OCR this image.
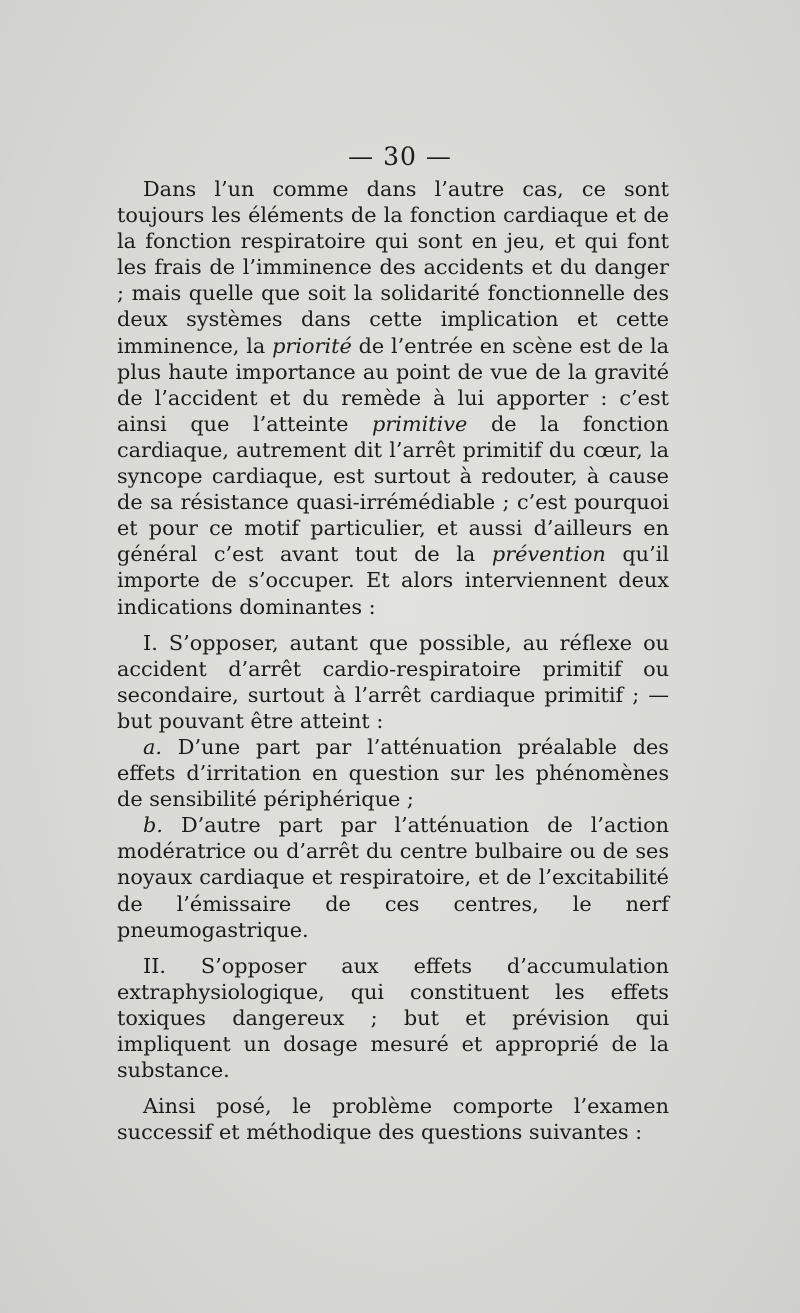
— 30 —

Dans l’un comme dans l’autre cas, ce sont toujours les éléments de la fonction cardiaque et de la fonction respiratoire qui sont en jeu, et qui font les frais de l’imminence des accidents et du danger ; mais quelle que soit la solidarité fonctionnelle des deux systèmes dans cette implication et cette imminence, la priorité de l’entrée en scène est de la plus haute importance au point de vue de la gravité de l’accident et du remède à lui apporter : c’est ainsi que l’atteinte primitive de la fonction cardiaque, autrement dit l’arrêt primitif du cœur, la syncope cardiaque, est surtout à redouter, à cause de sa résistance quasi-irrémédiable ; c’est pourquoi et pour ce motif particulier, et aussi d’ailleurs en général c’est avant tout de la prévention qu’il importe de s’occuper. Et alors interviennent deux indications dominantes :

I. S’opposer, autant que possible, au réflexe ou accident d’arrêt cardio-respiratoire primitif ou secondaire, surtout à l’arrêt cardiaque primitif ; — but pouvant être atteint :

a. D’une part par l’atténuation préalable des effets d’irritation en question sur les phénomènes de sensibilité périphérique ;

b. D’autre part par l’atténuation de l’action modératrice ou d’arrêt du centre bulbaire ou de ses noyaux cardiaque et respiratoire, et de l’excitabilité de l’émissaire de ces centres, le nerf pneumogastrique.

II. S’opposer aux effets d’accumulation extraphysiologique, qui constituent les effets toxiques dangereux ; but et prévision qui impliquent un dosage mesuré et approprié de la substance.

Ainsi posé, le problème comporte l’examen successif et méthodique des questions suivantes :
